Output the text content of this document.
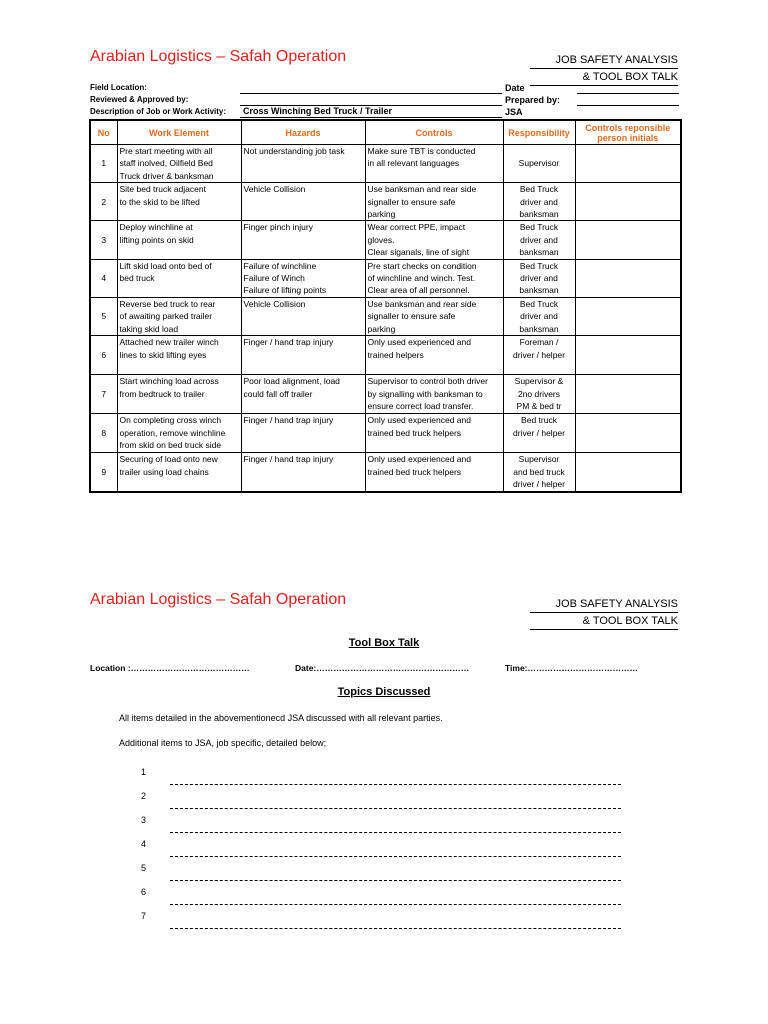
Arabian Logistics – Safah Operation	JOB SAFETY ANALYSIS
& TOOL BOX TALK
Field Location:
Reviewed & Approved by:
Description of Job or Work Activity: Cross Winching Bed Truck / Trailer
Date
Prepared by:
JSA
No	Work Element	Hazards	Controls	Responsibility	Controls reponsible person initials
1	Pre start meeting with all
staff inolved, Oilfield Bed
Truck driver & banksman	Not understanding job task	Make sure TBT is conducted
in all relevant languages	Supervisor	

2	Site bed truck adjacent
to the skid to be lifted	Vehicle Collision	Use banksman and rear side
signaller to ensure safe
parking	Bed Truck
driver and
banksman	

3	Deploy winchline at
lifting points on skid	Finger pinch injury	Wear correct PPE, impact
gloves.
Clear siganals, line of sight	Bed Truck
driver and
banksman	

4	Lift skid load onto bed of
bed truck	Failure of winchline
Failure of Winch
Failure of lifting points	Pre start checks on condition
of winchline and winch. Test.
Clear area of all personnel.	Bed Truck
driver and
banksman	

5	Reverse bed truck to rear
of awaiting parked trailer
taking skid load	Vehicle Collision	Use banksman and rear side
signaller to ensure safe
parking	Bed Truck
driver and
banksman	

6	Attached new trailer winch
lines to skid lifting eyes	Finger / hand trap injury	Only used experienced and
trained helpers	Foreman /
driver / helper	

7	Start winching load across
from bedtruck to trailer	Poor load alignment, load
could fall off trailer	Supervisor to control both driver
by signalling with banksman to
ensure correct load transfer.	Supervisor &
2no drivers
PM & bed tr	

8	On completing cross winch
operation, remove winchline
from skid on bed truck side	Finger / hand trap injury	Only used experienced and
trained bed truck helpers	Bed truck
driver / helper	

9	Securing of load onto new
trailer using load chains	Finger / hand trap injury	Only used experienced and
trained bed truck helpers	Supervisor
and bed truck
driver / helper	

Arabian Logistics – Safah Operation	JOB SAFETY ANALYSIS
& TOOL BOX TALK
Tool Box Talk
Location :……………………………………	Date:………………………………………………	Time:…………………………………
Topics Discussed
All items detailed in the abovementionecd JSA discussed with all relevant parties.
Additional items to JSA, job specific, detailed below;
1
2
3
4
5
6
7
